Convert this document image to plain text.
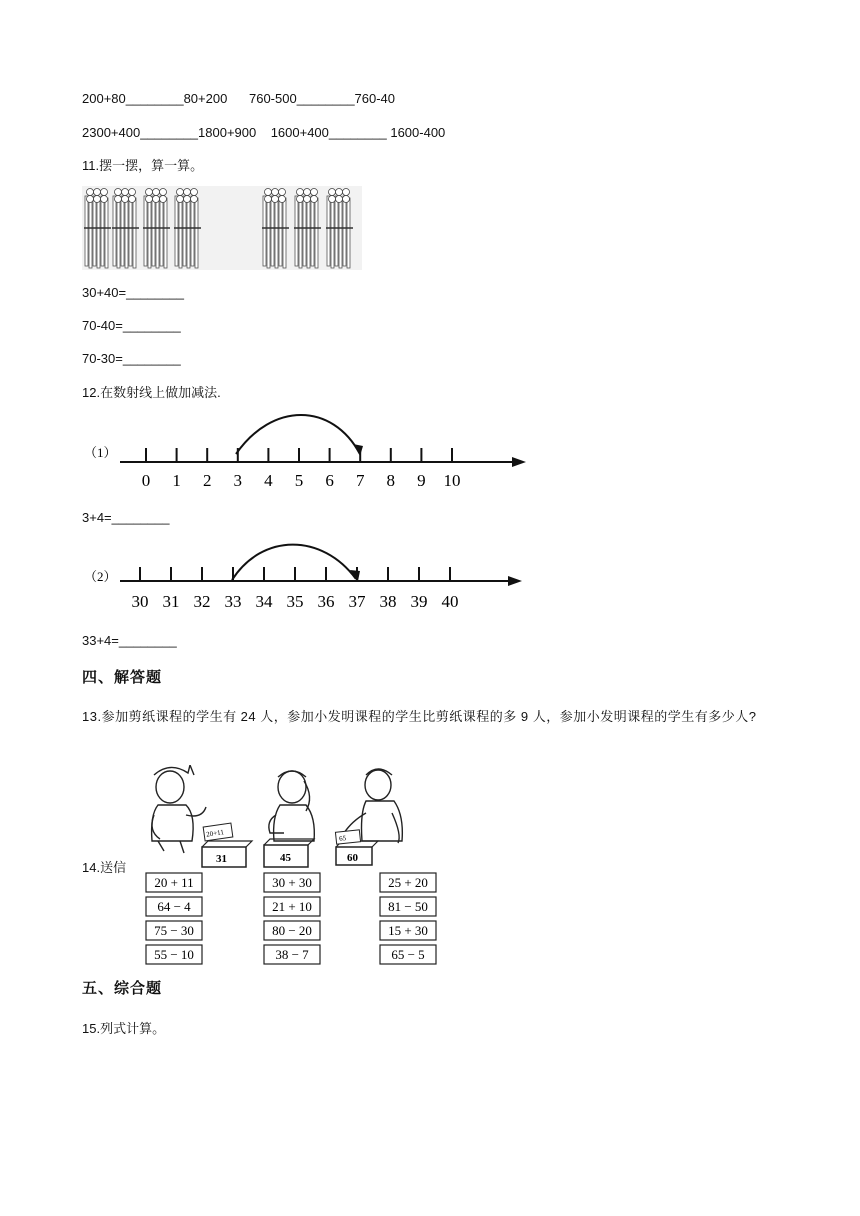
200+80________80+200      760-500________760-40
2300+400________1800+900    1600+400________ 1600-400
11.摆一摆，算一算。
30+40=________
70-40=________
70-30=________
12.在数射线上做加减法.
（1）
0 1 2 3 4 5 6 7 8 9 10
3+4=________
（2）
30 31 32 33 34 35 36 37 38 39 40
33+4=________
四、解答题
13.参加剪纸课程的学生有 24 人，参加小发明课程的学生比剪纸课程的多 9 人，参加小发明课程的学生有多少人?
14.送信
31
20+11
45	60
65
20 + 11
64 − 4
75 − 30
55 − 10
30 + 30
21 + 10
80 − 20
38 − 7
25 + 20
81 − 50
15 + 30
65 − 5
五、综合题
15.列式计算。
